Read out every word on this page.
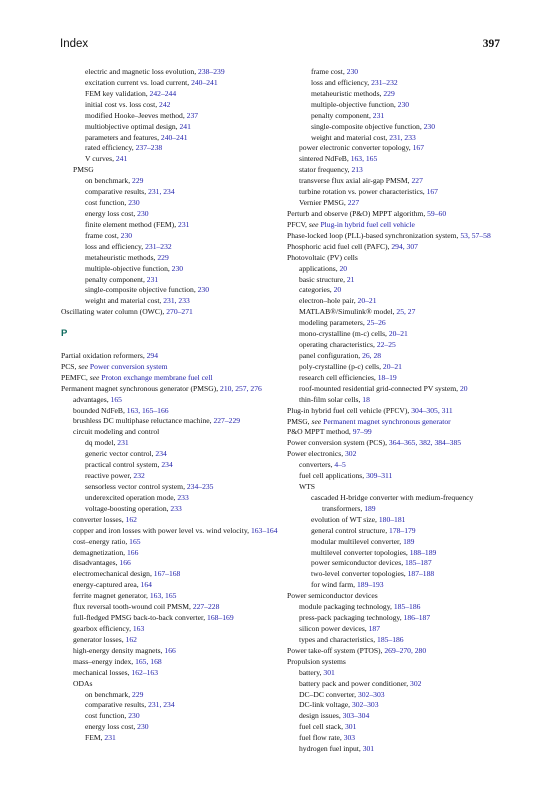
Index	397
electric and magnetic loss evolution, 238–239
excitation current vs. load current, 240–241
FEM key validation, 242–244
initial cost vs. loss cost, 242
modified Hooke–Jeeves method, 237
multiobjective optimal design, 241
parameters and features, 240–241
rated efficiency, 237–238
V curves, 241
PMSG
on benchmark, 229
comparative results, 231, 234
cost function, 230
energy loss cost, 230
finite element method (FEM), 231
frame cost, 230
loss and efficiency, 231–232
metaheuristic methods, 229
multiple-objective function, 230
penalty component, 231
single-composite objective function, 230
weight and material cost, 231, 233
Oscillating water column (OWC), 270–271
P
Partial oxidation reformers, 294
PCS, see Power conversion system
PEMFC, see Proton exchange membrane fuel cell
Permanent magnet synchronous generator (PMSG), 210, 257, 276
advantages, 165
bounded NdFeB, 163, 165–166
brushless DC multiphase reluctance machine, 227–229
circuit modeling and control
dq model, 231
generic vector control, 234
practical control system, 234
reactive power, 232
sensorless vector control system, 234–235
underexcited operation mode, 233
voltage-boosting operation, 233
converter losses, 162
copper and iron losses with power level vs. wind velocity, 163–164
cost–energy ratio, 165
demagnetization, 166
disadvantages, 166
electromechanical design, 167–168
energy-captured area, 164
ferrite magnet generator, 163, 165
flux reversal tooth-wound coil PMSM, 227–228
full-fledged PMSG back-to-back converter, 168–169
gearbox efficiency, 163
generator losses, 162
high-energy density magnets, 166
mass–energy index, 165, 168
mechanical losses, 162–163
ODAs
on benchmark, 229
comparative results, 231, 234
cost function, 230
energy loss cost, 230
FEM, 231
frame cost, 230
loss and efficiency, 231–232
metaheuristic methods, 229
multiple-objective function, 230
penalty component, 231
single-composite objective function, 230
weight and material cost, 231, 233
power electronic converter topology, 167
sintered NdFeB, 163, 165
stator frequency, 213
transverse flux axial air-gap PMSM, 227
turbine rotation vs. power characteristics, 167
Vernier PMSG, 227
Perturb and observe (P&O) MPPT algorithm, 59–60
PFCV, see Plug-in hybrid fuel cell vehicle
Phase-locked loop (PLL)-based synchronization system, 53, 57–58
Phosphoric acid fuel cell (PAFC), 294, 307
Photovoltaic (PV) cells
applications, 20
basic structure, 21
categories, 20
electron–hole pair, 20–21
MATLAB®/Simulink® model, 25, 27
modeling parameters, 25–26
mono-crystalline (m-c) cells, 20–21
operating characteristics, 22–25
panel configuration, 26, 28
poly-crystalline (p-c) cells, 20–21
research cell efficiencies, 18–19
roof-mounted residential grid-connected PV system, 20
thin-film solar cells, 18
Plug-in hybrid fuel cell vehicle (PFCV), 304–305, 311
PMSG, see Permanent magnet synchronous generator
P&O MPPT method, 97–99
Power conversion system (PCS), 364–365, 382, 384–385
Power electronics, 302
converters, 4–5
fuel cell applications, 309–311
WTS
cascaded H-bridge converter with medium-frequency transformers, 189
evolution of WT size, 180–181
general control structure, 178–179
modular multilevel converter, 189
multilevel converter topologies, 188–189
power semiconductor devices, 185–187
two-level converter topologies, 187–188
for wind farm, 189–193
Power semiconductor devices
module packaging technology, 185–186
press-pack packaging technology, 186–187
silicon power devices, 187
types and characteristics, 185–186
Power take-off system (PTOS), 269–270, 280
Propulsion systems
battery, 301
battery pack and power conditioner, 302
DC–DC converter, 302–303
DC-link voltage, 302–303
design issues, 303–304
fuel cell stack, 301
fuel flow rate, 303
hydrogen fuel input, 301
